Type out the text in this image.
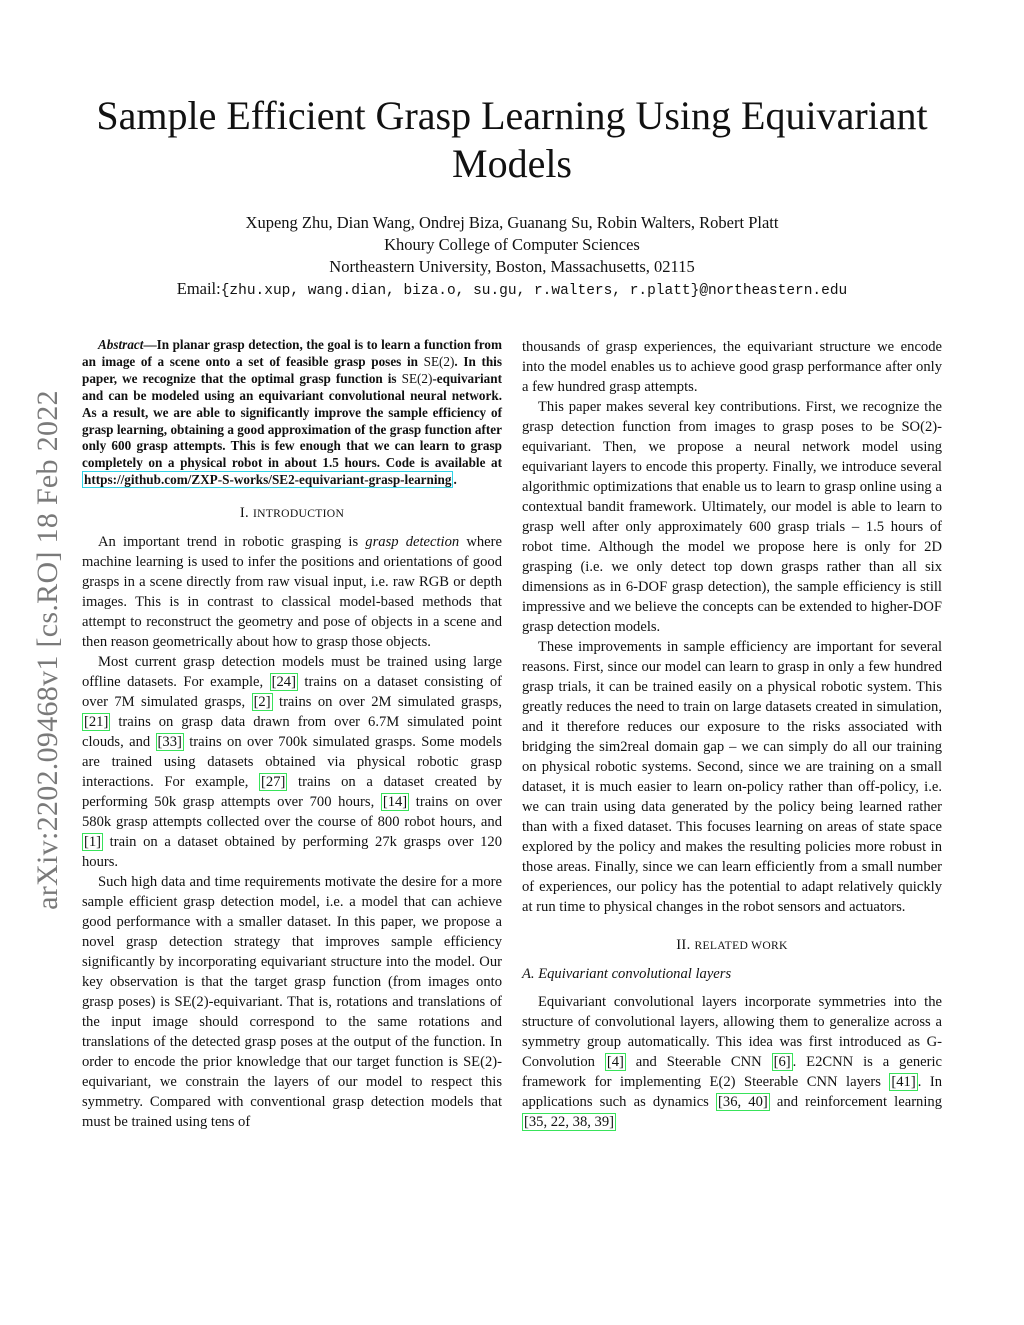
arXiv:2202.09468v1 [cs.RO] 18 Feb 2022
Sample Efficient Grasp Learning Using Equivariant Models
Xupeng Zhu, Dian Wang, Ondrej Biza, Guanang Su, Robin Walters, Robert Platt
Khoury College of Computer Sciences
Northeastern University, Boston, Massachusetts, 02115
Email:{zhu.xup, wang.dian, biza.o, su.gu, r.walters, r.platt}@northeastern.edu

Abstract—In planar grasp detection, the goal is to learn a function from an image of a scene onto a set of feasible grasp poses in SE(2). In this paper, we recognize that the optimal grasp function is SE(2)-equivariant and can be modeled using an equivariant convolutional neural network. As a result, we are able to significantly improve the sample efficiency of grasp learning, obtaining a good approximation of the grasp function after only 600 grasp attempts. This is few enough that we can learn to grasp completely on a physical robot in about 1.5 hours. Code is available at https://github.com/ZXP-S-works/SE2-equivariant-grasp-learning .

I. INTRODUCTION

An important trend in robotic grasping is grasp detection where machine learning is used to infer the positions and orientations of good grasps in a scene directly from raw visual input, i.e. raw RGB or depth images. This is in contrast to classical model-based methods that attempt to reconstruct the geometry and pose of objects in a scene and then reason geometrically about how to grasp those objects.

Most current grasp detection models must be trained using large offline datasets. For example, [24] trains on a dataset consisting of over 7M simulated grasps, [2] trains on over 2M simulated grasps, [21] trains on grasp data drawn from over 6.7M simulated point clouds, and [33] trains on over 700k simulated grasps. Some models are trained using datasets obtained via physical robotic grasp interactions. For example, [27] trains on a dataset created by performing 50k grasp attempts over 700 hours, [14] trains on over 580k grasp attempts collected over the course of 800 robot hours, and [1] train on a dataset obtained by performing 27k grasps over 120 hours.

Such high data and time requirements motivate the desire for a more sample efficient grasp detection model, i.e. a model that can achieve good performance with a smaller dataset. In this paper, we propose a novel grasp detection strategy that improves sample efficiency significantly by incorporating equivariant structure into the model. Our key observation is that the target grasp function (from images onto grasp poses) is SE(2)-equivariant. That is, rotations and translations of the input image should correspond to the same rotations and translations of the detected grasp poses at the output of the function. In order to encode the prior knowledge that our target function is SE(2)-equivariant, we constrain the layers of our model to respect this symmetry. Compared with conventional grasp detection models that must be trained using tens of

thousands of grasp experiences, the equivariant structure we encode into the model enables us to achieve good grasp performance after only a few hundred grasp attempts.

This paper makes several key contributions. First, we recognize the grasp detection function from images to grasp poses to be SO(2)-equivariant. Then, we propose a neural network model using equivariant layers to encode this property. Finally, we introduce several algorithmic optimizations that enable us to learn to grasp online using a contextual bandit framework. Ultimately, our model is able to learn to grasp well after only approximately 600 grasp trials – 1.5 hours of robot time. Although the model we propose here is only for 2D grasping (i.e. we only detect top down grasps rather than all six dimensions as in 6-DOF grasp detection), the sample efficiency is still impressive and we believe the concepts can be extended to higher-DOF grasp detection models.

These improvements in sample efficiency are important for several reasons. First, since our model can learn to grasp in only a few hundred grasp trials, it can be trained easily on a physical robotic system. This greatly reduces the need to train on large datasets created in simulation, and it therefore reduces our exposure to the risks associated with bridging the sim2real domain gap – we can simply do all our training on physical robotic systems. Second, since we are training on a small dataset, it is much easier to learn on-policy rather than off-policy, i.e. we can train using data generated by the policy being learned rather than with a fixed dataset. This focuses learning on areas of state space explored by the policy and makes the resulting policies more robust in those areas. Finally, since we can learn efficiently from a small number of experiences, our policy has the potential to adapt relatively quickly at run time to physical changes in the robot sensors and actuators.

II. RELATED WORK
A. Equivariant convolutional layers

Equivariant convolutional layers incorporate symmetries into the structure of convolutional layers, allowing them to generalize across a symmetry group automatically. This idea was first introduced as G-Convolution [4] and Steerable CNN [6] . E2CNN is a generic framework for implementing E(2) Steerable CNN layers [41] . In applications such as dynamics [36, 40] and reinforcement learning [35, 22, 38, 39]
